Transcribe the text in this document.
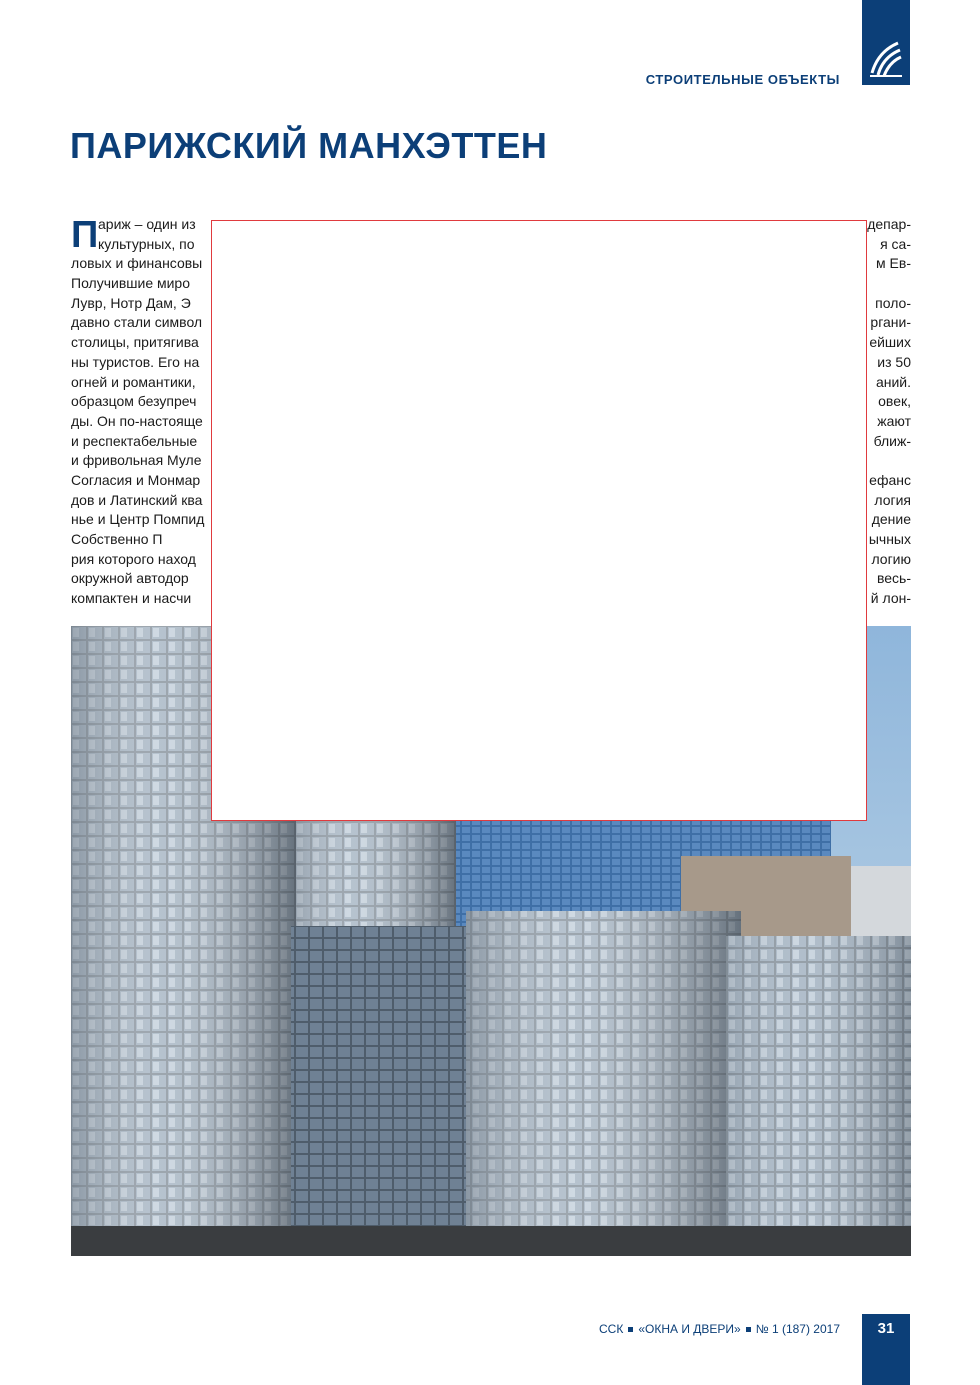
СТРОИТЕЛЬНЫЕ ОБЪЕКТЫ
ПАРИЖСКИЙ МАНХЭТТЕН
П ариж – один из	депар-
культурных, по	я са-
ловых и финансовы	м Ев-
Получившие миро
Лувр, Нотр Дам, Э	поло-
давно стали символ	ргани-
столицы, притягива	ейших
ны туристов. Его на	из 50
огней и романтики,	аний.
образцом безупреч	овек,
ды. Он по-настояще	жают
и респектабельные	ближ-
и фривольная Муле
Согласия и Монмар	ефанс
дов и Латинский ква	логия
нье и Центр Помпид	дение
Собственно П	ычных
рия которого наход	логию
окружной автодор	весь-
компактен и насчи	й лон-
ССК «ОКНА И ДВЕРИ» № 1 (187) 2017	31
